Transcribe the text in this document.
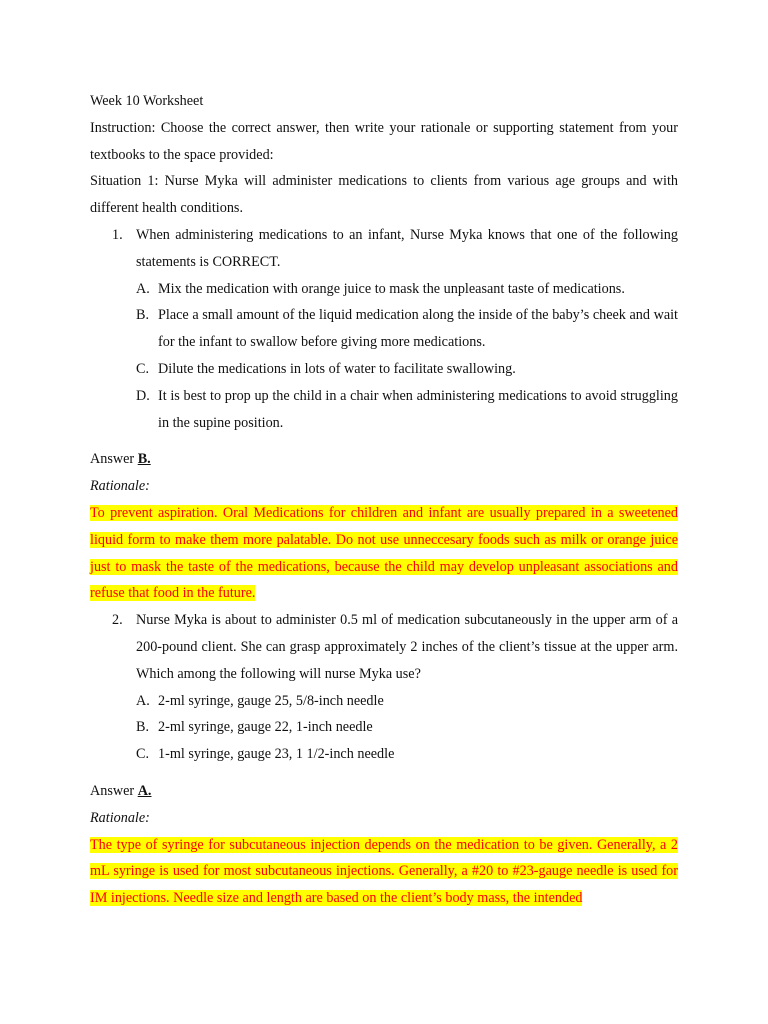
Week 10 Worksheet

Instruction: Choose the correct answer, then write your rationale or supporting statement from your textbooks to the space provided:

Situation 1: Nurse Myka will administer medications to clients from various age groups and with different health conditions.

1. When administering medications to an infant, Nurse Myka knows that one of the following statements is CORRECT.

A. Mix the medication with orange juice to mask the unpleasant taste of medications.

B. Place a small amount of the liquid medication along the inside of the baby’s cheek and wait for the infant to swallow before giving more medications.

C. Dilute the medications in lots of water to facilitate swallowing.

D. It is best to prop up the child in a chair when administering medications to avoid struggling in the supine position.

Answer B.

Rationale:

To prevent aspiration. Oral Medications for children and infant are usually prepared in a sweetened liquid form to make them more palatable. Do not use unneccesary foods such as milk or orange juice just to mask the taste of the medications, because the child may develop unpleasant associations and refuse that food in the future.

2. Nurse Myka is about to administer 0.5 ml of medication subcutaneously in the upper arm of a 200-pound client. She can grasp approximately 2 inches of the client’s tissue at the upper arm. Which among the following will nurse Myka use?

A. 2-ml syringe, gauge 25, 5/8-inch needle

B. 2-ml syringe, gauge 22, 1-inch needle

C. 1-ml syringe, gauge 23, 1 1/2-inch needle

Answer A.

Rationale:

The type of syringe for subcutaneous injection depends on the medication to be given. Generally, a 2 mL syringe is used for most subcutaneous injections. Generally, a #20 to #23-gauge needle is used for IM injections. Needle size and length are based on the client’s body mass, the intended
